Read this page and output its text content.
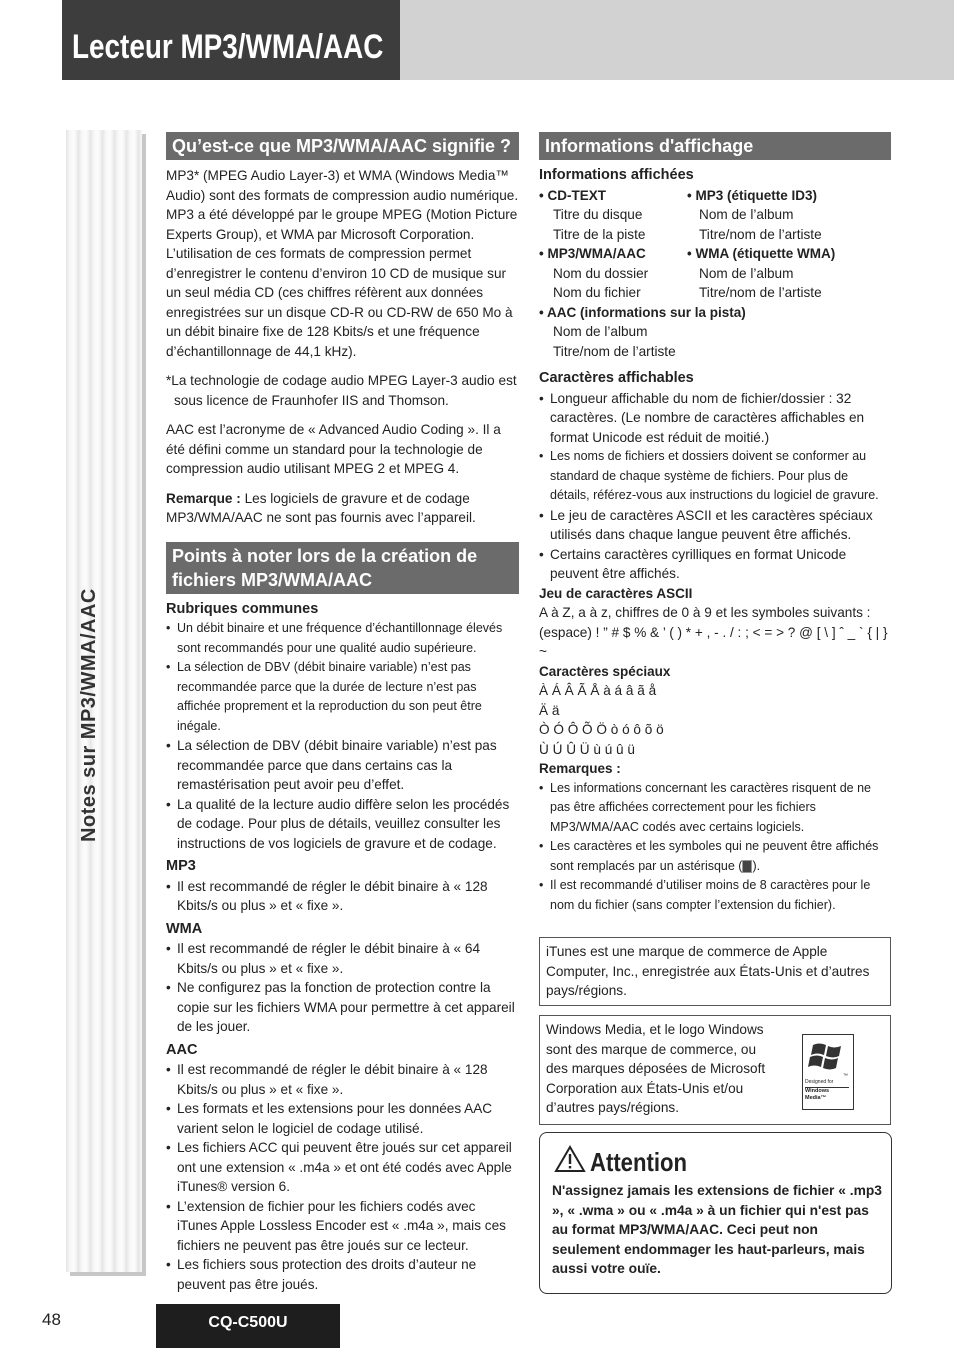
Lecteur MP3/WMA/AAC
Notes sur MP3/WMA/AAC
Qu’est-ce que MP3/WMA/AAC signifie ?

MP3* (MPEG Audio Layer-3) et WMA (Windows Media™ Audio) sont des formats de compression audio numérique. MP3 a été développé par le groupe MPEG (Motion Picture Experts Group), et WMA par Microsoft Corporation. L’utilisation de ces formats de compression permet d’enregistrer le contenu d’environ 10 CD de musique sur un seul média CD (ces chiffres réfèrent aux données enregistrées sur un disque CD-R ou CD-RW de 650 Mo à un débit binaire fixe de 128 Kbits/s et une fréquence d’échantillonnage de 44,1 kHz).

*La technologie de codage audio MPEG Layer-3 audio est sous licence de Fraunhofer IIS and Thomson.

AAC est l’acronyme de « Advanced Audio Coding ». Il a été défini comme un standard pour la technologie de compression audio utilisant MPEG 2 et MPEG 4.

Remarque : Les logiciels de gravure et de codage MP3/WMA/AAC ne sont pas fournis avec l’appareil.

Points à noter lors de la création de fichiers MP3/WMA/AAC
Rubriques communes
• Un débit binaire et une fréquence d’échantillonnage élevés sont recommandés pour une qualité audio supérieure.
• La sélection de DBV (débit binaire variable) n’est pas recommandée parce que la durée de lecture n’est pas affichée proprement et la reproduction du son peut être inégale.
• La sélection de DBV (débit binaire variable) n’est pas recommandée parce que dans certains cas la remastérisation peut avoir peu d’effet.
• La qualité de la lecture audio diffère selon les procédés de codage. Pour plus de détails, veuillez consulter les instructions de vos logiciels de gravure et de codage.
MP3
• Il est recommandé de régler le débit binaire à « 128 Kbits/s ou plus » et « fixe ».
WMA
• Il est recommandé de régler le débit binaire à « 64 Kbits/s ou plus » et « fixe ».
• Ne configurez pas la fonction de protection contre la copie sur les fichiers WMA pour permettre à cet appareil de les jouer.
AAC
• Il est recommandé de régler le débit binaire à « 128 Kbits/s ou plus » et « fixe ».
• Les formats et les extensions pour les données AAC varient selon le logiciel de codage utilisé.
• Les fichiers ACC qui peuvent être joués sur cet appareil ont une extension « .m4a » et ont été codés avec Apple iTunes® version 6.
• L’extension de fichier pour les fichiers codés avec iTunes Apple Lossless Encoder est « .m4a », mais ces fichiers ne peuvent pas être joués sur ce lecteur.
• Les fichiers sous protection des droits d’auteur ne peuvent pas être joués.
Informations d'affichage
Informations affichées
• CD-TEXT
Titre du disque
Titre de la piste
• MP3/WMA/AAC
Nom du dossier
Nom du fichier
• MP3 (étiquette ID3)
Nom de l’album
Titre/nom de l’artiste
• WMA (étiquette WMA)
Nom de l’album
Titre/nom de l’artiste
• AAC (informations sur la pista)
Nom de l’album
Titre/nom de l’artiste
Caractères affichables
• Longueur affichable du nom de fichier/dossier : 32 caractères. (Le nombre de caractères affichables en format Unicode est réduit de moitié.)
• Les noms de fichiers et dossiers doivent se conformer au standard de chaque système de fichiers. Pour plus de détails, référez-vous aux instructions du logiciel de gravure.
• Le jeu de caractères ASCII et les caractères spéciaux utilisés dans chaque langue peuvent être affichés.
• Certains caractères cyrilliques en format Unicode peuvent être affichés.
Jeu de caractères ASCII
A à Z, a à z, chiffres de 0 à 9 et les symboles suivants : (espace) ! ” # $ % & ’ ( ) * + , - . / : ; < = > ? @ [ \ ] ˆ _ ` { | } ~
Caractères spéciaux
À Á Â Ã Å à á â ã å
Ä ä
Ò Ó Ô Õ Ö ò ó ô õ ö
Ù Ú Û Ü ù ú û ü
Remarques :
• Les informations concernant les caractères risquent de ne pas être affichées correctement pour les fichiers MP3/WMA/AAC codés avec certains logiciels.
• Les caractères et les symboles qui ne peuvent être affichés sont remplacés par un astérisque ( ).
• Il est recommandé d’utiliser moins de 8 caractères pour le nom du fichier (sans compter l’extension du fichier).
iTunes est une marque de commerce de Apple Computer, Inc., enregistrée aux États-Unis et d’autres pays/régions.
Windows Media, et le logo Windows sont des marque de commerce, ou des marques déposées de Microsoft Corporation aux États-Unis et/ou d’autres pays/régions.
™
Designed for
Windows
Media™
Attention
N'assignez jamais les extensions de fichier « .mp3 », « .wma » ou « .m4a » à un fichier qui n'est pas au format MP3/WMA/AAC. Ceci peut non seulement endommager les haut-parleurs, mais aussi votre ouïe.
48	CQ-C500U
